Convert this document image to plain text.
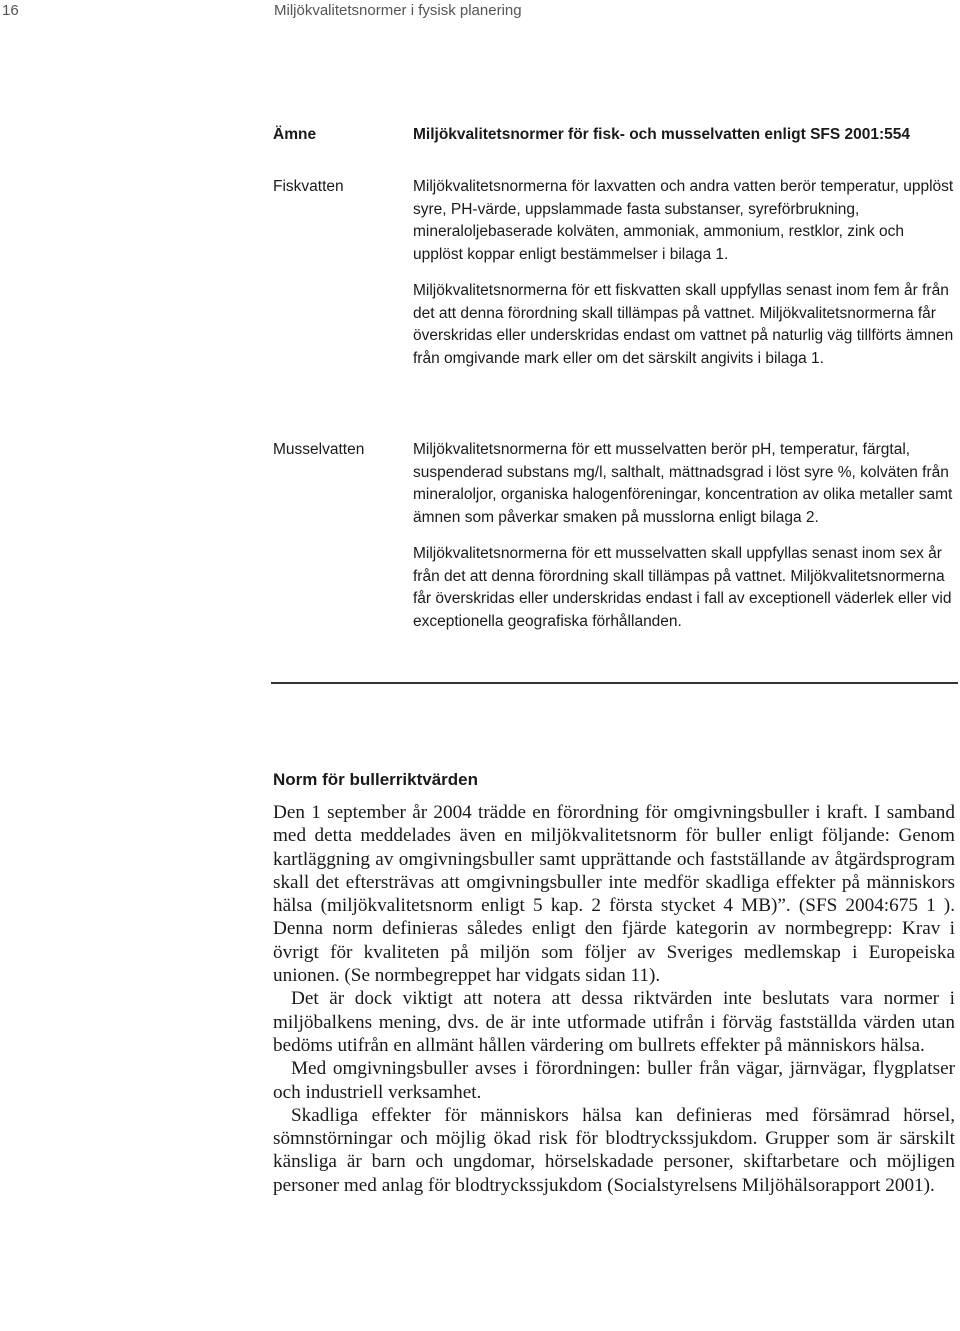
16	Miljökvalitetsnormer i fysisk planering
Ämne	Miljökvalitetsnormer för fisk- och musselvatten enligt SFS 2001:554
Fiskvatten	Miljökvalitetsnormerna för laxvatten och andra vatten berör temperatur, upplöst syre, PH-värde, uppslammade fasta substanser, syreförbrukning, mineraloljebaserade kolväten, ammoniak, ammonium, restklor, zink och upplöst koppar enligt bestämmelser i bilaga 1.

Miljökvalitetsnormerna för ett fiskvatten skall uppfyllas senast inom fem år från det att denna förordning skall tillämpas på vattnet. Miljökvalitetsnormerna får överskridas eller underskridas endast om vattnet på naturlig väg tillförts ämnen från omgivande mark eller om det särskilt angivits i bilaga 1.

Musselvatten	Miljökvalitetsnormerna för ett musselvatten berör pH, temperatur, färgtal, suspenderad substans mg/l, salthalt, mättnadsgrad i löst syre %, kolväten från mineraloljor, organiska halogenföreningar, koncentration av olika metaller samt ämnen som påverkar smaken på musslorna enligt bilaga 2.

Miljökvalitetsnormerna för ett musselvatten skall uppfyllas senast inom sex år från det att denna förordning skall tillämpas på vattnet. Miljökvalitetsnormerna får överskridas eller underskridas endast i fall av exceptionell väderlek eller vid exceptionella geografiska förhållanden.

Norm för bullerriktvärden

Den 1 september år 2004 trädde en förordning för omgivningsbuller i kraft. I samband med detta meddelades även en miljökvalitetsnorm för buller enligt följande: Genom kartläggning av omgivningsbuller samt upprättande och fastställande av åtgärdsprogram skall det eftersträvas att omgivningsbuller inte medför skadliga effekter på människors hälsa (miljökvalitetsnorm enligt 5 kap. 2 första stycket 4 MB)”. (SFS 2004:675 1 ). Denna norm definieras således enligt den fjärde kategorin av normbegrepp: Krav i övrigt för kvaliteten på miljön som följer av Sveriges medlemskap i Europeiska unionen. (Se normbegreppet har vidgats sidan 11).

Det är dock viktigt att notera att dessa riktvärden inte beslutats vara normer i miljöbalkens mening, dvs. de är inte utformade utifrån i förväg fastställda värden utan bedöms utifrån en allmänt hållen värdering om bullrets effekter på människors hälsa.

Med omgivningsbuller avses i förordningen: buller från vägar, järnvägar, flygplatser och industriell verksamhet.

Skadliga effekter för människors hälsa kan definieras med försämrad hörsel, sömnstörningar och möjlig ökad risk för blodtryckssjukdom. Grupper som är särskilt känsliga är barn och ungdomar, hörselskadade personer, skiftarbetare och möjligen personer med anlag för blodtryckssjukdom (Socialstyrelsens Miljöhälsorapport 2001).
